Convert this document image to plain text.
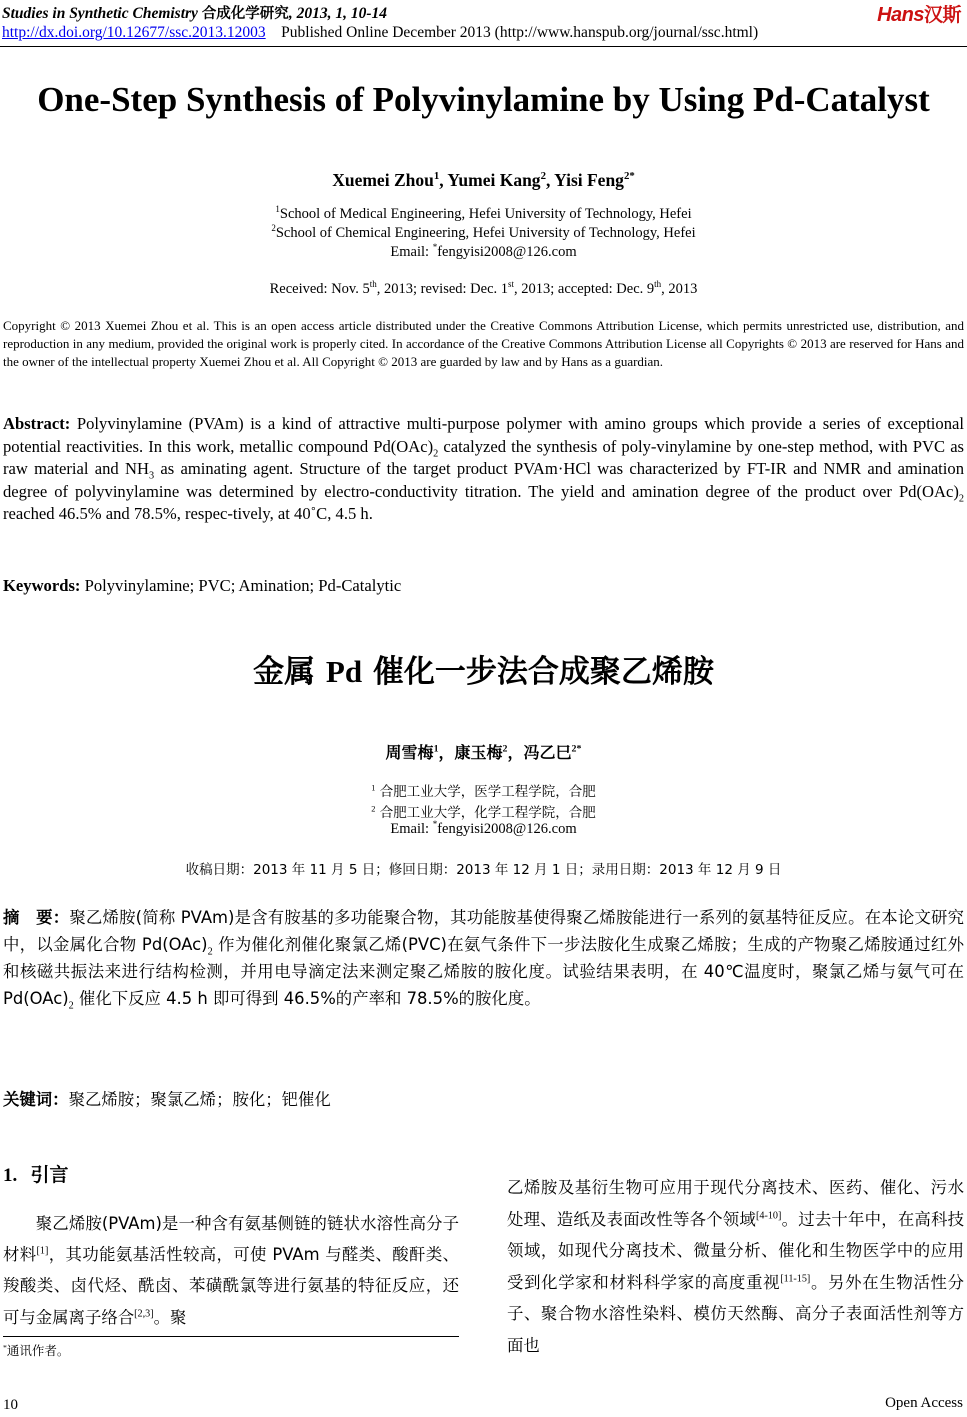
Studies in Synthetic Chemistry 合成化学研究, 2013, 1, 10-14	Hans汉斯
http://dx.doi.org/10.12677/ssc.2013.12003 Published Online December 2013 (http://www.hanspub.org/journal/ssc.html)
One-Step Synthesis of Polyvinylamine by Using Pd-Catalyst
Xuemei Zhou$^1$, Yumei Kang$^2$, Yisi Feng$^{2*}$
$^1$School of Medical Engineering, Hefei University of Technology, Hefei
$^2$School of Chemical Engineering, Hefei University of Technology, Hefei
Email: *fengyisi2008@126.com
Received: Nov. 5th, 2013; revised: Dec. 1st, 2013; accepted: Dec. 9th, 2013
Copyright © 2013 Xuemei Zhou et al. This is an open access article distributed under the Creative Commons Attribution License, which permits unrestricted use, distribution, and reproduction in any medium, provided the original work is properly cited. In accordance of the Creative Commons Attribution License all Copyrights © 2013 are reserved for Hans and the owner of the intellectual property Xuemei Zhou et al. All Copyright © 2013 are guarded by law and by Hans as a guardian.
Abstract: Polyvinylamine (PVAm) is a kind of attractive multi-purpose polymer with amino groups which provide a series of exceptional potential reactivities. In this work, metallic compound $Pd(OAc)_2$ catalyzed the synthesis of poly-vinylamine by one-step method, with PVC as raw material and $NH_3$ as aminating agent. Structure of the target product PVAm·HCl was characterized by FT-IR and NMR and amination degree of polyvinylamine was determined by electro-conductivity titration. The yield and amination degree of the product over $Pd(OAc)_2$ reached 46.5% and 78.5%, respec-tively, at 40˚C, 4.5 h.
Keywords: Polyvinylamine; PVC; Amination; Pd-Catalytic
金属 Pd 催化一步法合成聚乙烯胺
周雪梅$^1$，康玉梅$^2$，冯乙巳$^{2*}$
$^1$ 合肥工业大学，医学工程学院，合肥
$^2$ 合肥工业大学，化学工程学院，合肥
Email: *fengyisi2008@126.com
收稿日期：2013 年 11 月 5 日；修回日期：2013 年 12 月 1 日；录用日期：2013 年 12 月 9 日
摘　要：聚乙烯胺(简称 PVAm)是含有胺基的多功能聚合物，其功能胺基使得聚乙烯胺能进行一系列的氨基特征反应。在本论文研究中，以金属化合物 $Pd(OAc)_2$ 作为催化剂催化聚氯乙烯(PVC)在氨气条件下一步法胺化生成聚乙烯胺；生成的产物聚乙烯胺通过红外和核磁共振法来进行结构检测，并用电导滴定法来测定聚乙烯胺的胺化度。试验结果表明，在 40℃温度时，聚氯乙烯与氨气可在 $Pd(OAc)_2$ 催化下反应 4.5 h 即可得到 46.5%的产率和 78.5%的胺化度。
关键词：聚乙烯胺；聚氯乙烯；胺化；钯催化
1. 引言

聚乙烯胺(PVAm)是一种含有氨基侧链的链状水溶性高分子材料[1]，其功能氨基活性较高，可使 PVAm 与醛类、酸酐类、羧酸类、卤代烃、酰卤、苯磺酰氯等进行氨基的特征反应，还可与金属离子络合[2,3]。聚

乙烯胺及基衍生物可应用于现代分离技术、医药、催化、污水处理、造纸及表面改性等各个领域[4-10]。过去十年中，在高科技领域，如现代分离技术、微量分析、催化和生物医学中的应用受到化学家和材料科学家的高度重视[11-15]。另外在生物活性分子、聚合物水溶性染料、模仿天然酶、高分子表面活性剂等方面也

*通讯作者。
10	Open Access
